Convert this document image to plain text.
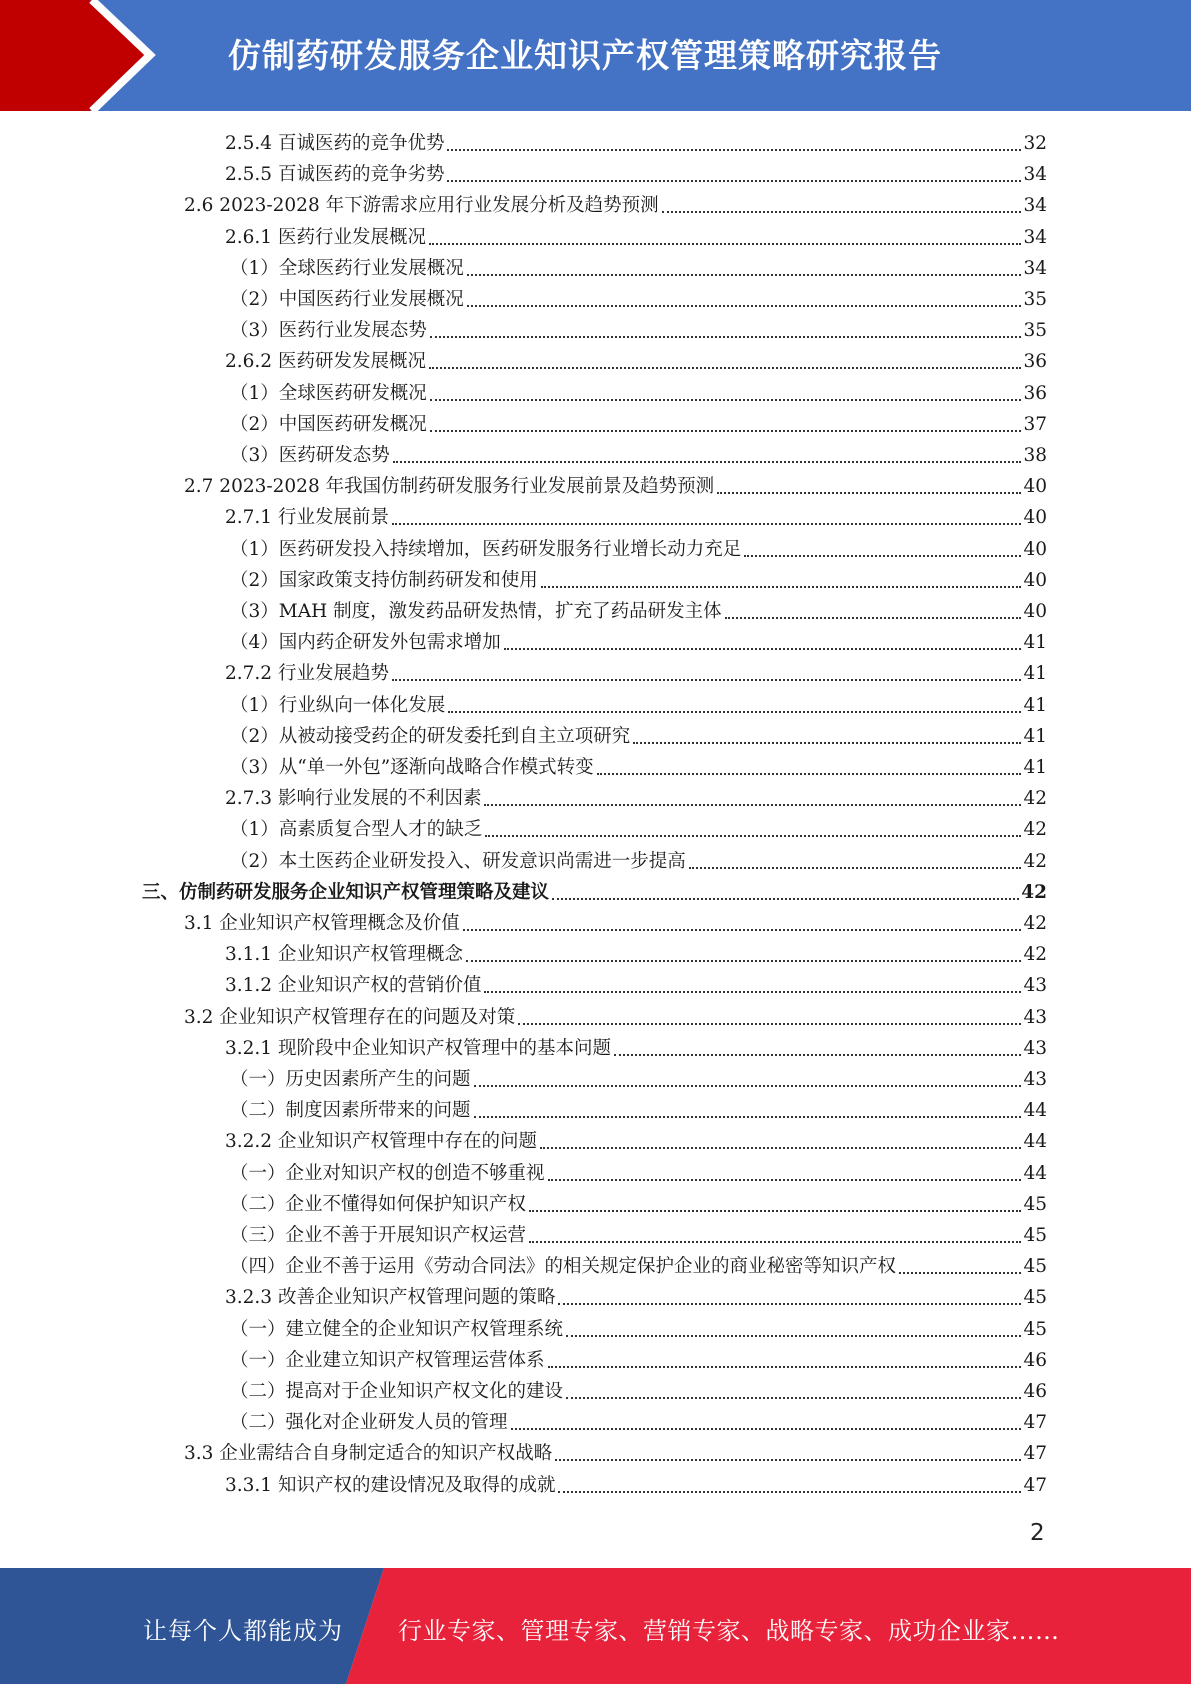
仿制药研发服务企业知识产权管理策略研究报告
2.5.4 百诚医药的竞争优势	32
2.5.5 百诚医药的竞争劣势	34
2.6 2023-2028 年下游需求应用行业发展分析及趋势预测	34
2.6.1 医药行业发展概况	34
（1）全球医药行业发展概况	34
（2）中国医药行业发展概况	35
（3）医药行业发展态势	35
2.6.2 医药研发发展概况	36
（1）全球医药研发概况	36
（2）中国医药研发概况	37
（3）医药研发态势	38
2.7 2023-2028 年我国仿制药研发服务行业发展前景及趋势预测	40
2.7.1 行业发展前景	40
（1）医药研发投入持续增加，医药研发服务行业增长动力充足	40
（2）国家政策支持仿制药研发和使用	40
（3）MAH 制度，激发药品研发热情，扩充了药品研发主体	40
（4）国内药企研发外包需求增加	41
2.7.2 行业发展趋势	41
（1）行业纵向一体化发展	41
（2）从被动接受药企的研发委托到自主立项研究	41
（3）从“单一外包”逐渐向战略合作模式转变	41
2.7.3 影响行业发展的不利因素	42
（1）高素质复合型人才的缺乏	42
（2）本土医药企业研发投入、研发意识尚需进一步提高	42
三、仿制药研发服务企业知识产权管理策略及建议	42
3.1 企业知识产权管理概念及价值	42
3.1.1 企业知识产权管理概念	42
3.1.2 企业知识产权的营销价值	43
3.2 企业知识产权管理存在的问题及对策	43
3.2.1 现阶段中企业知识产权管理中的基本问题	43
（一）历史因素所产生的问题	43
（二）制度因素所带来的问题	44
3.2.2 企业知识产权管理中存在的问题	44
（一）企业对知识产权的创造不够重视	44
（二）企业不懂得如何保护知识产权	45
（三）企业不善于开展知识产权运营	45
（四）企业不善于运用《劳动合同法》的相关规定保护企业的商业秘密等知识产权	45
3.2.3 改善企业知识产权管理问题的策略	45
（一）建立健全的企业知识产权管理系统	45
（一）企业建立知识产权管理运营体系	46
（二）提高对于企业知识产权文化的建设	46
（二）强化对企业研发人员的管理	47
3.3 企业需结合自身制定适合的知识产权战略	47
3.3.1 知识产权的建设情况及取得的成就	47
2
让每个人都能成为 行业专家、管理专家、营销专家、战略专家、成功企业家……
